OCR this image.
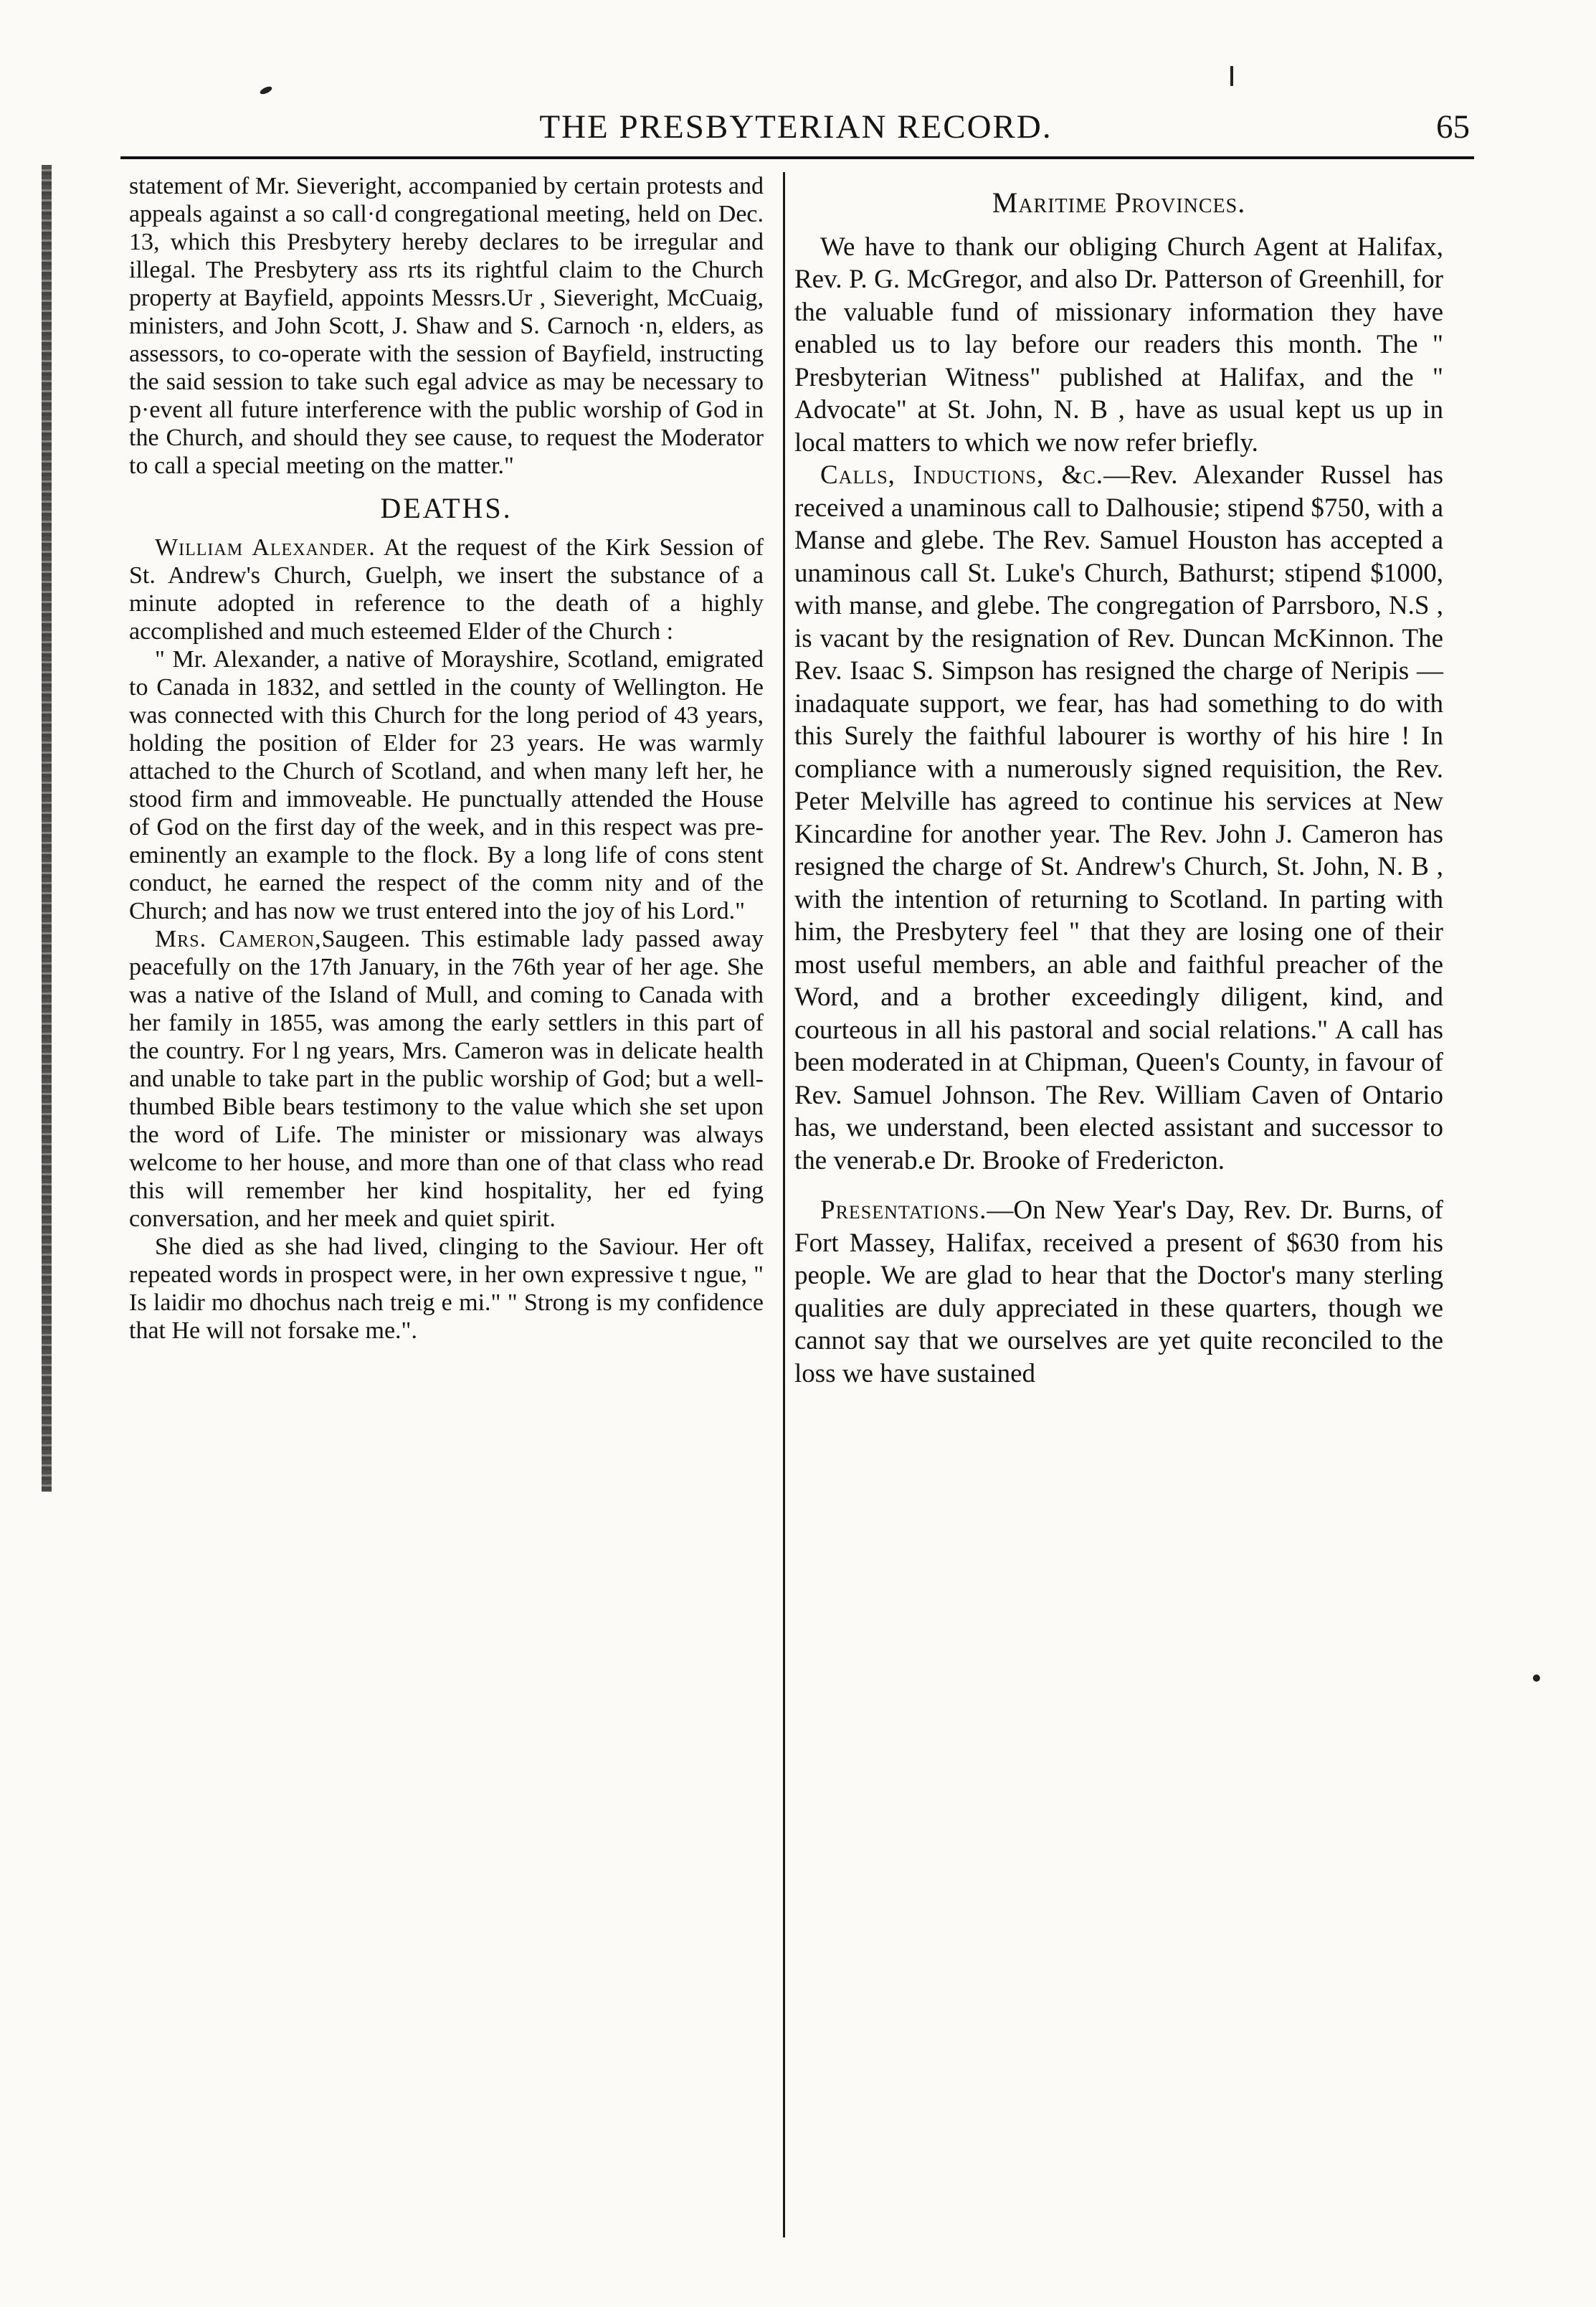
THE PRESBYTERIAN RECORD.	65

statement of Mr. Sieveright, accompanied by certain protests and appeals against a so call·d congregational meeting, held on Dec. 13, which this Presbytery hereby declares to be irregular and illegal. The Presbytery ass rts its rightful claim to the Church property at Bayfield, appoints Messrs.Ur , Sieveright, McCuaig, ministers, and John Scott, J. Shaw and S. Carnoch ·n, elders, as assessors, to co-operate with the session of Bayfield, instructing the said session to take such egal advice as may be necessary to p·event all future interference with the public worship of God in the Church, and should they see cause, to request the Moderator to call a special meeting on the matter."

DEATHS.

William Alexander. At the request of the Kirk Session of St. Andrew's Church, Guelph, we insert the substance of a minute adopted in reference to the death of a highly accomplished and much esteemed Elder of the Church :

" Mr. Alexander, a native of Morayshire, Scotland, emigrated to Canada in 1832, and settled in the county of Wellington. He was connected with this Church for the long period of 43 years, holding the position of Elder for 23 years. He was warmly attached to the Church of Scotland, and when many left her, he stood firm and immoveable. He punctually attended the House of God on the first day of the week, and in this respect was pre-eminently an example to the flock. By a long life of cons stent conduct, he earned the respect of the comm nity and of the Church; and has now we trust entered into the joy of his Lord."

Mrs. Cameron,Saugeen. This estimable lady passed away peacefully on the 17th January, in the 76th year of her age. She was a native of the Island of Mull, and coming to Canada with her family in 1855, was among the early settlers in this part of the country. For l ng years, Mrs. Cameron was in delicate health and unable to take part in the public worship of God; but a well-thumbed Bible bears testimony to the value which she set upon the word of Life. The minister or missionary was always welcome to her house, and more than one of that class who read this will remember her kind hospitality, her ed fying conversation, and her meek and quiet spirit.

She died as she had lived, clinging to the Saviour. Her oft repeated words in prospect were, in her own expressive t ngue, " Is laidir mo dhochus nach treig e mi." " Strong is my confidence that He will not forsake me.".

Maritime Provinces.

We have to thank our obliging Church Agent at Halifax, Rev. P. G. McGregor, and also Dr. Patterson of Greenhill, for the valuable fund of missionary information they have enabled us to lay before our readers this month. The " Presbyterian Witness" published at Halifax, and the " Advocate" at St. John, N. B , have as usual kept us up in local matters to which we now refer briefly.

Calls, Inductions, &c.—Rev. Alexander Russel has received a unaminous call to Dalhousie; stipend $750, with a Manse and glebe. The Rev. Samuel Houston has accepted a unaminous call St. Luke's Church, Bathurst; stipend $1000, with manse, and glebe. The congregation of Parrsboro, N.S , is vacant by the resignation of Rev. Duncan McKinnon. The Rev. Isaac S. Simpson has resigned the charge of Neripis — inadaquate support, we fear, has had something to do with this Surely the faithful labourer is worthy of his hire ! In compliance with a numerously signed requisition, the Rev. Peter Melville has agreed to continue his services at New Kincardine for another year. The Rev. John J. Cameron has resigned the charge of St. Andrew's Church, St. John, N. B , with the intention of returning to Scotland. In parting with him, the Presbytery feel " that they are losing one of their most useful members, an able and faithful preacher of the Word, and a brother exceedingly diligent, kind, and courteous in all his pastoral and social relations." A call has been moderated in at Chipman, Queen's County, in favour of Rev. Samuel Johnson. The Rev. William Caven of Ontario has, we understand, been elected assistant and successor to the venerab.e Dr. Brooke of Fredericton.

Presentations.—On New Year's Day, Rev. Dr. Burns, of Fort Massey, Halifax, received a present of $630 from his people. We are glad to hear that the Doctor's many sterling qualities are duly appreciated in these quarters, though we cannot say that we ourselves are yet quite reconciled to the loss we have sustained
